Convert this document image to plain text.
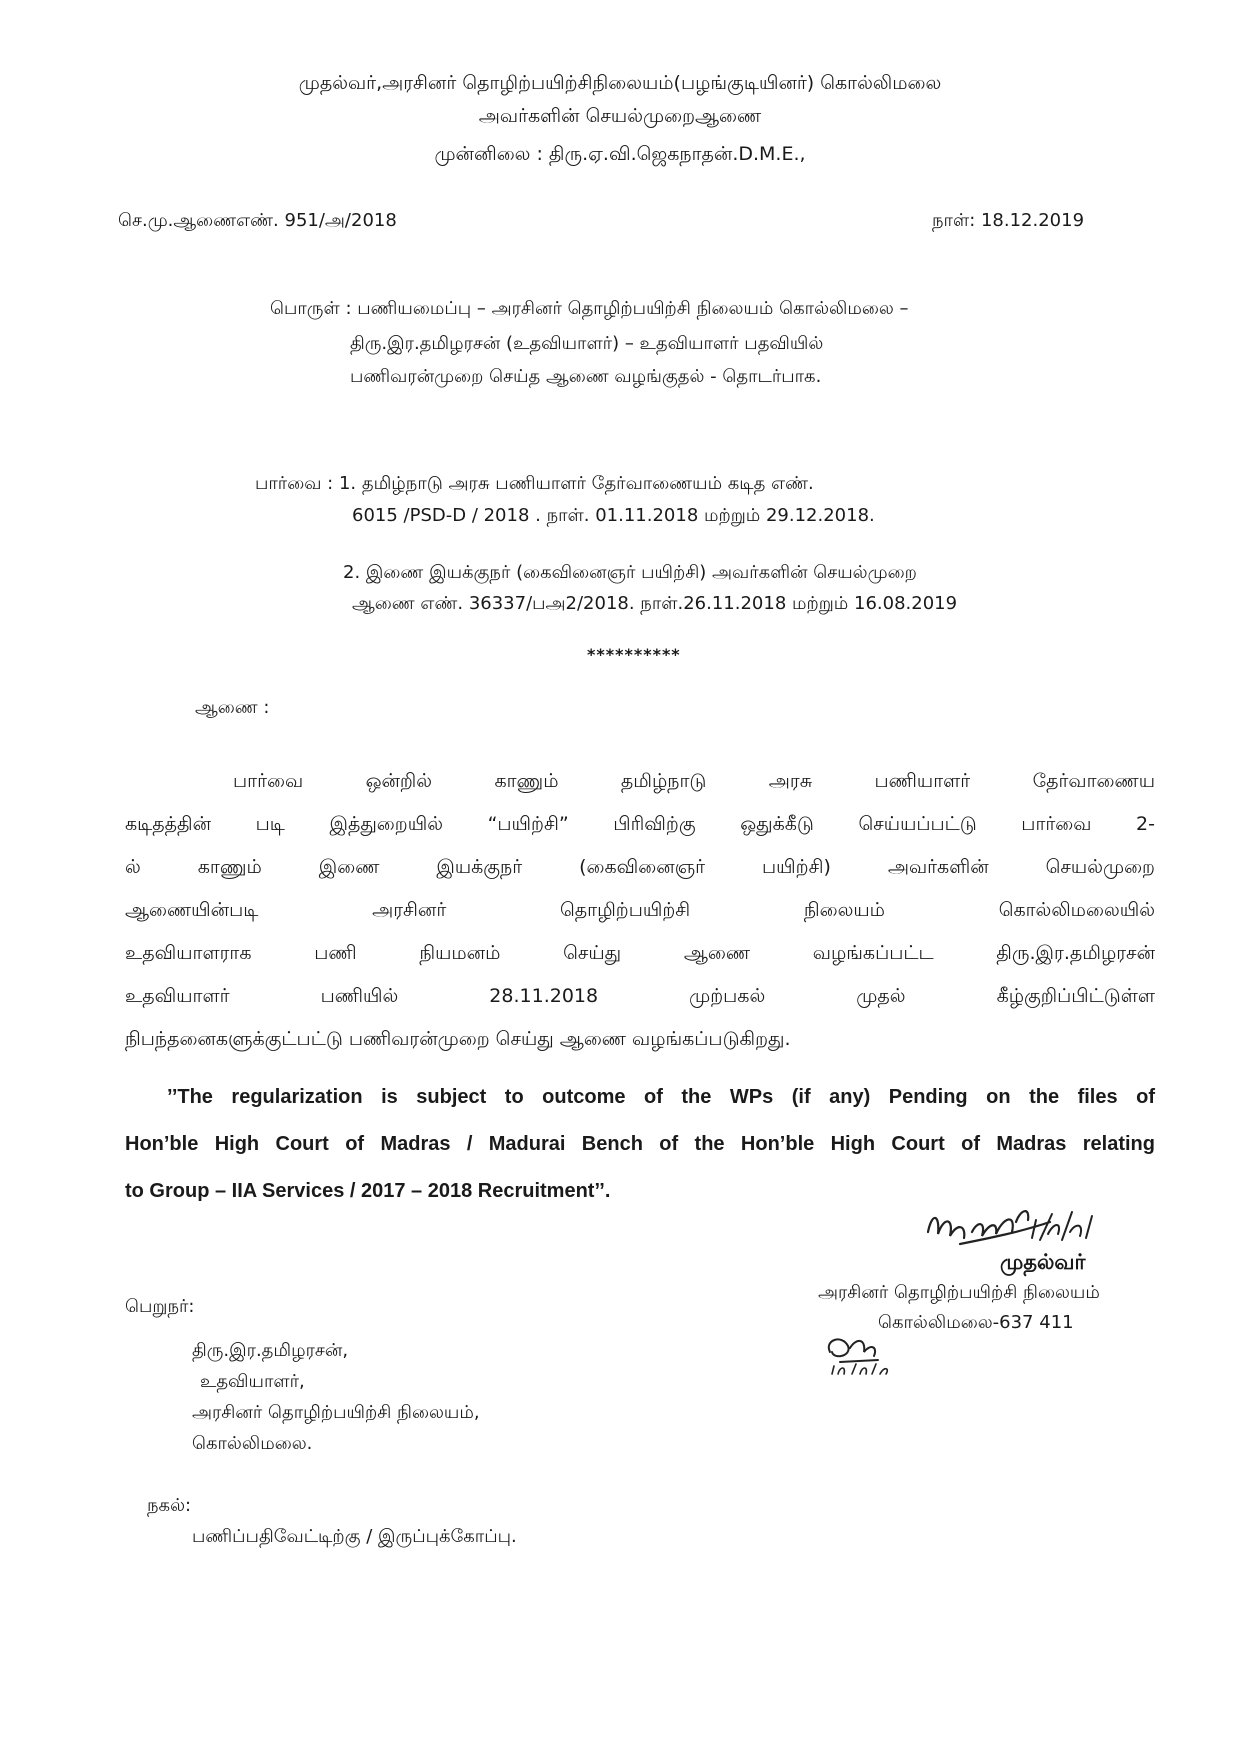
முதல்வர்,அரசினர் தொழிற்பயிற்சிநிலையம்(பழங்குடியினர்) கொல்லிமலை
அவர்களின் செயல்முறைஆணை
முன்னிலை : திரு.ஏ.வி.ஜெகநாதன்.D.M.E.,
செ.மு.ஆணைஎண். 951/அ/2018	நாள்: 18.12.2019
பொருள் : பணியமைப்பு – அரசினர் தொழிற்பயிற்சி நிலையம் கொல்லிமலை –
திரு.இர.தமிழரசன் (உதவியாளர்) – உதவியாளர் பதவியில்
பணிவரன்முறை செய்த ஆணை வழங்குதல் - தொடர்பாக.
பார்வை : 1. தமிழ்நாடு அரசு பணியாளர் தேர்வாணையம் கடித எண்.
6015 /PSD-D / 2018 . நாள். 01.11.2018 மற்றும் 29.12.2018.
2. இணை இயக்குநர் (கைவினைஞர் பயிற்சி) அவர்களின் செயல்முறை
ஆணை எண். 36337/பஅ2/2018. நாள்.26.11.2018 மற்றும் 16.08.2019
**********
ஆணை :
பார்வை ஒன்றில் காணும் தமிழ்நாடு அரசு பணியாளர் தேர்வாணைய
கடிதத்தின் படி இத்துறையில் “பயிற்சி” பிரிவிற்கு ஒதுக்கீடு செய்யப்பட்டு பார்வை 2-
ல் காணும் இணை இயக்குநர் (கைவினைஞர் பயிற்சி) அவர்களின் செயல்முறை
ஆணையின்படி அரசினர் தொழிற்பயிற்சி நிலையம் கொல்லிமலையில்
உதவியாளராக பணி நியமனம் செய்து ஆணை வழங்கப்பட்ட திரு.இர.தமிழரசன்
உதவியாளர் பணியில் 28.11.2018 முற்பகல் முதல் கீழ்குறிப்பிட்டுள்ள
நிபந்தனைகளுக்குட்பட்டு பணிவரன்முறை செய்து ஆணை வழங்கப்படுகிறது.
’’The regularization is subject to outcome of the WPs (if any) Pending on the files of
Hon’ble High Court of Madras / Madurai Bench of the Hon’ble High Court of Madras relating
to Group – IIA Services / 2017 – 2018 Recruitment’’.
முதல்வர்
அரசினர் தொழிற்பயிற்சி நிலையம்
கொல்லிமலை-637 411
பெறுநர்:
திரு.இர.தமிழரசன்,
உதவியாளர்,
அரசினர் தொழிற்பயிற்சி நிலையம்,
கொல்லிமலை.
நகல்:
பணிப்பதிவேட்டிற்கு / இருப்புக்கோப்பு.
